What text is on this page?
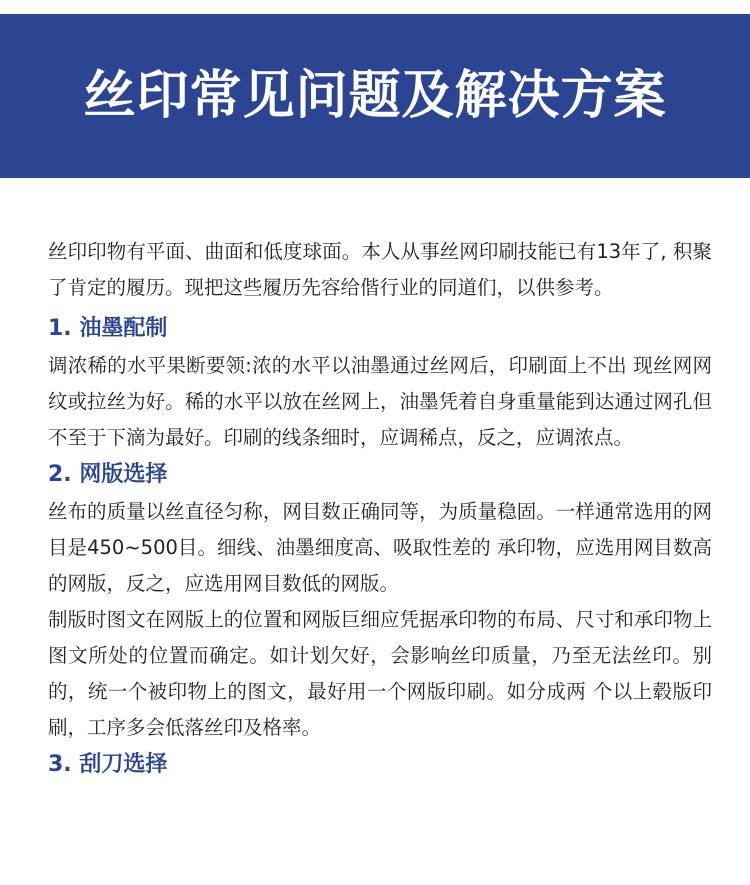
丝印常见问题及解决方案

丝印印物有平面、曲面和低度球面。本人从事丝网印刷技能已有13年了, 积聚了肯定的履历。现把这些履历先容给偕行业的同道们，以供参考。

1. 油墨配制

调浓稀的水平果断要领:浓的水平以油墨通过丝网后，印刷面上不出 现丝网网纹或拉丝为好。稀的水平以放在丝网上，油墨凭着自身重量能到达通过网孔但不至于下滴为最好。印刷的线条细时，应调稀点，反之，应调浓点。

2. 网版选择

丝布的质量以丝直径匀称，网目数正确同等，为质量稳固。一样通常选用的网目是450~500目。细线、油墨细度高、吸取性差的 承印物，应选用网目数高的网版，反之，应选用网目数低的网版。

制版时图文在网版上的位置和网版巨细应凭据承印物的布局、尺寸和承印物上图文所处的位置而确定。如计划欠好，会影响丝印质量，乃至无法丝印。别的，统一个被印物上的图文，最好用一个网版印刷。如分成两 个以上毂版印刷，工序多会低落丝印及格率。

3. 刮刀选择
